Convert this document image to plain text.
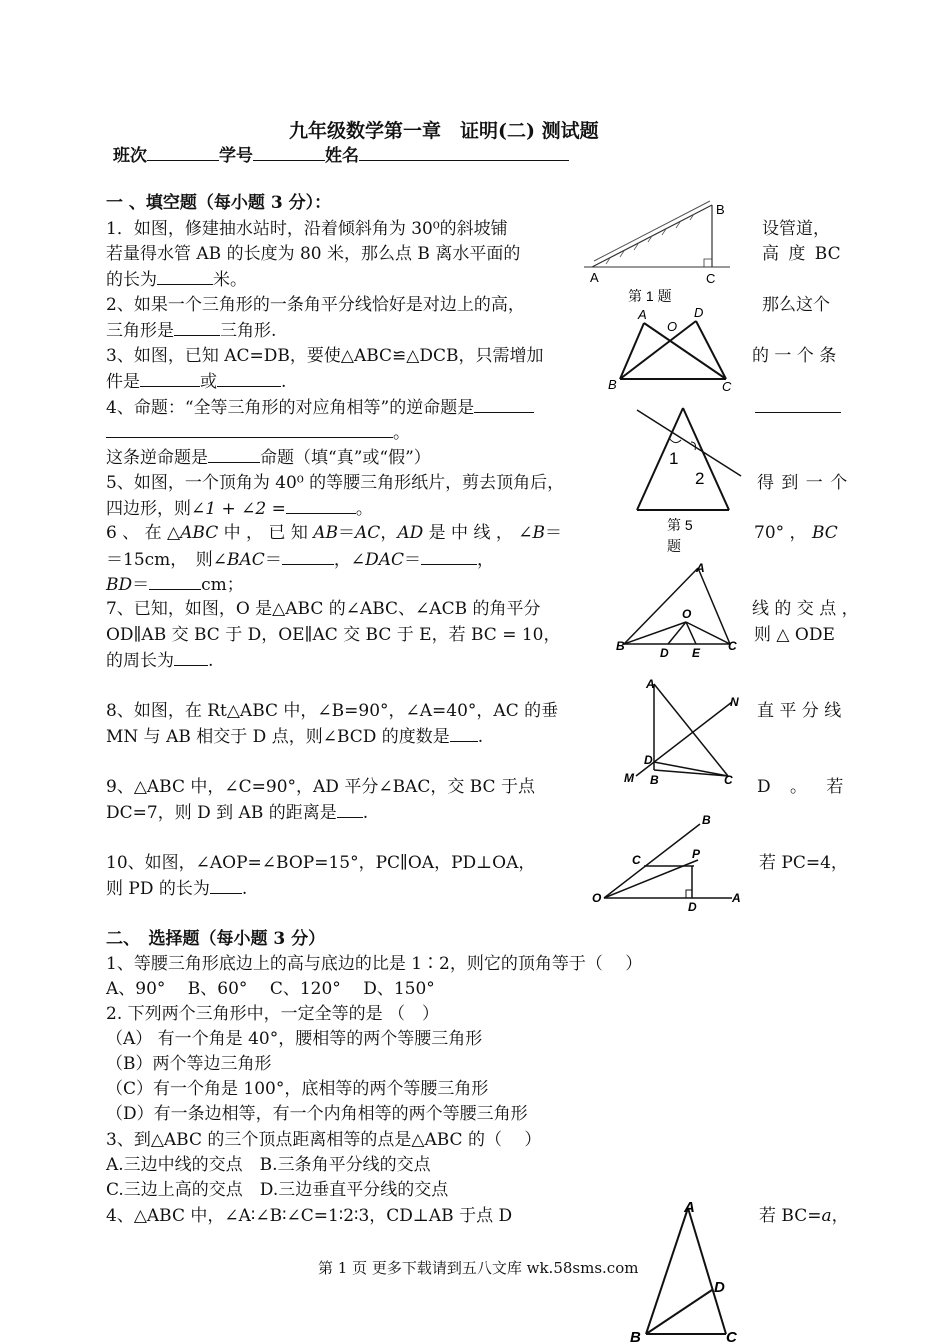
九年级数学第一章　证明(二) 测试题
班次	学号	姓名
一 、填空题（每小题 3 分）：
1．如图，修建抽水站时，沿着倾斜角为 30⁰的斜坡铺	设管道，
若量得水管 AB 的长度为 80 米，那么点 B 离水平面的	高 度 BC
的长为	米。
2、如果一个三角形的一条角平分线恰好是对边上的高，	那么这个
三角形是	三角形.
3、如图，已知 AC=DB，要使△ABC≌△DCB，只需增加	的 一 个 条
件是	或	.
4、命题：“全等三角形的对应角相等”的逆命题是
。
这条逆命题是	命题（填“真”或“假”）
5、如图，一个顶角为 40⁰ 的等腰三角形纸片，剪去顶角后，	得 到 一 个
四边形，则∠1 + ∠2 =	。
6 、 在 △ABC 中 ， 已 知 AB＝AC，AD 是 中 线 ， ∠B＝	70° ， BC
＝15cm，　则∠BAC＝	，∠DAC＝	，
BD＝	cm；
7、已知，如图，O 是△ABC 的∠ABC、∠ACB 的角平分	线 的 交 点 ，
OD∥AB 交 BC 于 D，OE∥AC 交 BC 于 E，若 BC = 10，	则 △ ODE
的周长为 .
8、如图，在 Rt△ABC 中，∠B=90°，∠A=40°，AC 的垂	直 平 分 线
MN 与 AB 相交于 D 点，则∠BCD 的度数是 .
9、△ABC 中，∠C=90°，AD 平分∠BAC，交 BC 于点	D 。 若
DC=7，则 D 到 AB 的距离是 .
10、如图，∠AOP=∠BOP=15°，PC∥OA，PD⊥OA，	若 PC=4，
则 PD 的长为 .
二、　选择题（每小题 3 分）
1、等腰三角形底边上的高与底边的比是 1∶2，则它的顶角等于（　 ）
A、90°　 B、60°　 C、120°　 D、150°
2. 下列两个三角形中，一定全等的是 （　）
（A） 有一个角是 40°，腰相等的两个等腰三角形
（B）两个等边三角形
（C）有一个角是 100°，底相等的两个等腰三角形
（D）有一条边相等，有一个内角相等的两个等腰三角形
3、到△ABC 的三个顶点距离相等的点是△ABC 的（　 ）
A.三边中线的交点　B.三条角平分线的交点
C.三边上高的交点　D.三边垂直平分线的交点
4、△ABC 中，∠A∶∠B∶∠C=1∶2∶3，CD⊥AB 于点 D	若 BC=a，
第 1 页 更多下载请到五八文库 wk.58sms.com
B
A	C
第 1 题
A
O
D
B	C
1
2
第 5
题
A
O
B	D E C
A
N
D
M B	C
B
C	P
O
D
A
A
D
B	C
